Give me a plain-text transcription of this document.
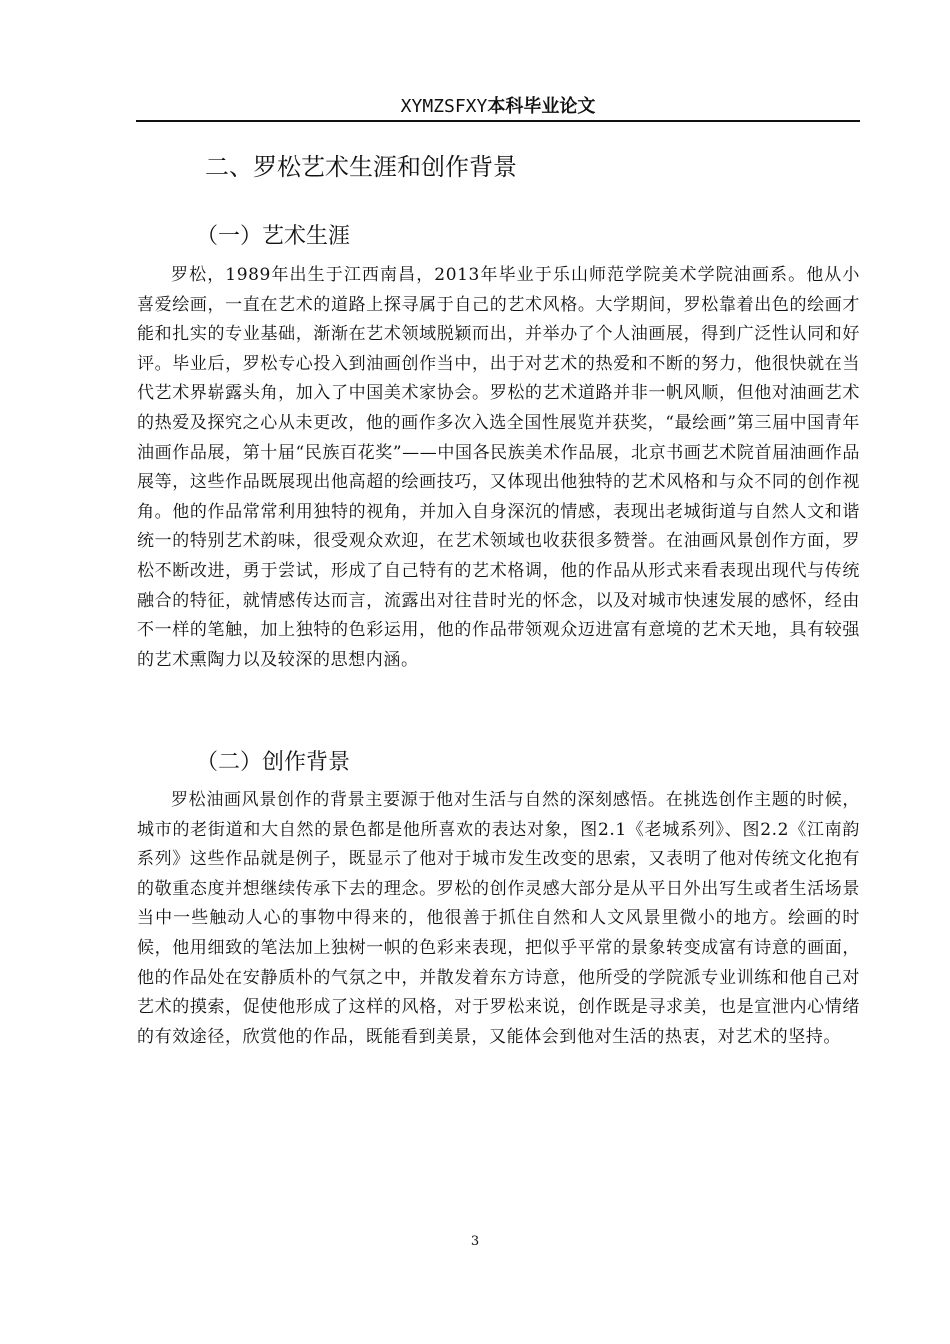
XYMZSFXY本科毕业论文
二、罗松艺术生涯和创作背景
（一）艺术生涯
罗松，1989年出生于江西南昌，2013年毕业于乐山师范学院美术学院油画系。他从小喜爱绘画，一直在艺术的道路上探寻属于自己的艺术风格。大学期间，罗松靠着出色的绘画才能和扎实的专业基础，渐渐在艺术领域脱颖而出，并举办了个人油画展，得到广泛性认同和好评。毕业后，罗松专心投入到油画创作当中，出于对艺术的热爱和不断的努力，他很快就在当代艺术界崭露头角，加入了中国美术家协会。罗松的艺术道路并非一帆风顺，但他对油画艺术的热爱及探究之心从未更改，他的画作多次入选全国性展览并获奖，“最绘画”第三届中国青年油画作品展，第十届“民族百花奖”——中国各民族美术作品展，北京书画艺术院首届油画作品展等，这些作品既展现出他高超的绘画技巧，又体现出他独特的艺术风格和与众不同的创作视角。他的作品常常利用独特的视角，并加入自身深沉的情感，表现出老城街道与自然人文和谐统一的特别艺术韵味，很受观众欢迎，在艺术领域也收获很多赞誉。在油画风景创作方面，罗松不断改进，勇于尝试，形成了自己特有的艺术格调，他的作品从形式来看表现出现代与传统融合的特征，就情感传达而言，流露出对往昔时光的怀念，以及对城市快速发展的感怀，经由不一样的笔触，加上独特的色彩运用，他的作品带领观众迈进富有意境的艺术天地，具有较强的艺术熏陶力以及较深的思想内涵。
（二）创作背景
罗松油画风景创作的背景主要源于他对生活与自然的深刻感悟。在挑选创作主题的时候，城市的老街道和大自然的景色都是他所喜欢的表达对象，图2.1《老城系列》、图2.2《江南韵系列》这些作品就是例子，既显示了他对于城市发生改变的思索，又表明了他对传统文化抱有的敬重态度并想继续传承下去的理念。罗松的创作灵感大部分是从平日外出写生或者生活场景当中一些触动人心的事物中得来的，他很善于抓住自然和人文风景里微小的地方。绘画的时候，他用细致的笔法加上独树一帜的色彩来表现，把似乎平常的景象转变成富有诗意的画面，他的作品处在安静质朴的气氛之中，并散发着东方诗意，他所受的学院派专业训练和他自己对艺术的摸索，促使他形成了这样的风格，对于罗松来说，创作既是寻求美，也是宣泄内心情绪的有效途径，欣赏他的作品，既能看到美景，又能体会到他对生活的热衷，对艺术的坚持。
3
